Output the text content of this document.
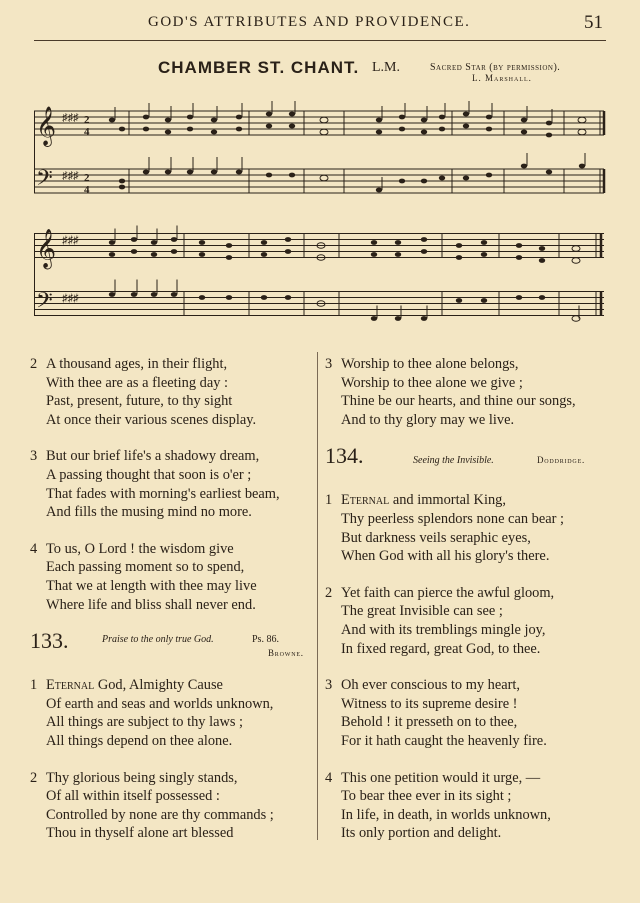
GOD'S ATTRIBUTES AND PROVIDENCE.	51
CHAMBER ST. CHANT. L.M.	Sacred Star (by permission).
L. Marshall.
𝄞
𝄢
♯♯♯
♯♯♯
2
4
2
4
𝄞
𝄢
♯♯♯
♯♯♯
2 A thousand ages, in their flight,
With thee are as a fleeting day :
Past, present, future, to thy sight
At once their various scenes display.
3 But our brief life's a shadowy dream,
A passing thought that soon is o'er ;
That fades with morning's earliest beam,
And fills the musing mind no more.
4 To us, O Lord ! the wisdom give
Each passing moment so to spend,
That we at length with thee may live
Where life and bliss shall never end.
133.	Praise to the only true God.	Ps. 86.
Browne.
1 Eternal God, Almighty Cause
Of earth and seas and worlds unknown,
All things are subject to thy laws ;
All things depend on thee alone.
2 Thy glorious being singly stands,
Of all within itself possessed :
Controlled by none are thy commands ;
Thou in thyself alone art blessed
3 Worship to thee alone belongs,
Worship to thee alone we give ;
Thine be our hearts, and thine our songs,
And to thy glory may we live.
134.	Seeing the Invisible.	Doddridge.
1 Eternal and immortal King,
Thy peerless splendors none can bear ;
But darkness veils seraphic eyes,
When God with all his glory's there.
2 Yet faith can pierce the awful gloom,
The great Invisible can see ;
And with its tremblings mingle joy,
In fixed regard, great God, to thee.
3 Oh ever conscious to my heart,
Witness to its supreme desire !
Behold ! it presseth on to thee,
For it hath caught the heavenly fire.
4 This one petition would it urge, —
To bear thee ever in its sight ;
In life, in death, in worlds unknown,
Its only portion and delight.
